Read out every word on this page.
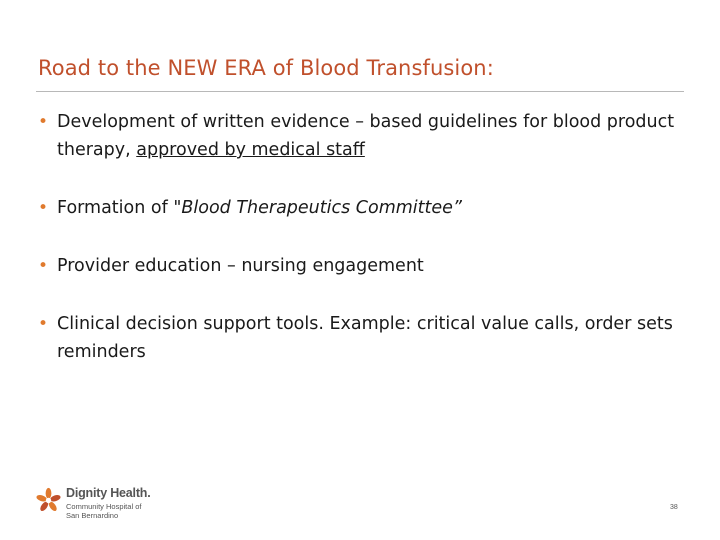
Road to the NEW ERA of Blood Transfusion:
• Development of written evidence – based guidelines for blood product therapy, approved by medical staff
• Formation of "Blood Therapeutics Committee”
• Provider education – nursing engagement
• Clinical decision support tools. Example: critical value calls, order sets reminders
Dignity Health.
Community Hospital of San Bernardino
38
